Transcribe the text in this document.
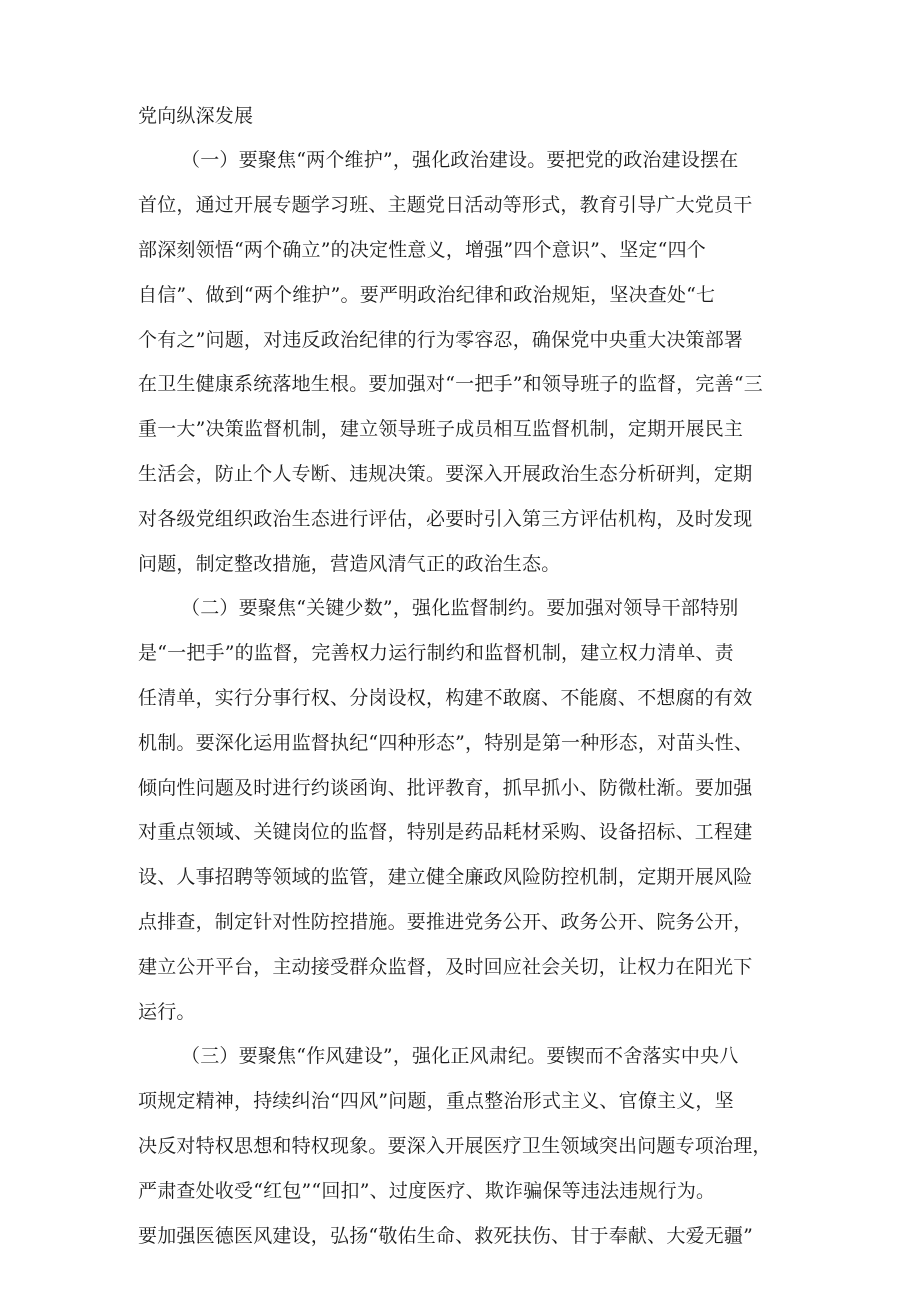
党向纵深发展
（一）要聚焦“两个维护”，强化政治建设。要把党的政治建设摆在
首位，通过开展专题学习班、主题党日活动等形式，教育引导广大党员干
部深刻领悟“两个确立”的决定性意义，增强”四个意识”、坚定“四个
自信”、做到“两个维护”。要严明政治纪律和政治规矩，坚决查处“七
个有之”问题，对违反政治纪律的行为零容忍，确保党中央重大决策部署
在卫生健康系统落地生根。要加强对“一把手”和领导班子的监督，完善“三
重一大”决策监督机制，建立领导班子成员相互监督机制，定期开展民主
生活会，防止个人专断、违规决策。要深入开展政治生态分析研判，定期
对各级党组织政治生态进行评估，必要时引入第三方评估机构，及时发现
问题，制定整改措施，营造风清气正的政治生态。
（二）要聚焦“关键少数”，强化监督制约。要加强对领导干部特别
是“一把手”的监督，完善权力运行制约和监督机制，建立权力清单、责
任清单，实行分事行权、分岗设权，构建不敢腐、不能腐、不想腐的有效
机制。要深化运用监督执纪“四种形态”，特别是第一种形态，对苗头性、
倾向性问题及时进行约谈函询、批评教育，抓早抓小、防微杜渐。要加强
对重点领域、关键岗位的监督，特别是药品耗材采购、设备招标、工程建
设、人事招聘等领域的监管，建立健全廉政风险防控机制，定期开展风险
点排查，制定针对性防控措施。要推进党务公开、政务公开、院务公开，
建立公开平台，主动接受群众监督，及时回应社会关切，让权力在阳光下
运行。
（三）要聚焦“作风建设”，强化正风肃纪。要锲而不舍落实中央八
项规定精神，持续纠治“四风”问题，重点整治形式主义、官僚主义，坚
决反对特权思想和特权现象。要深入开展医疗卫生领域突出问题专项治理，
严肃查处收受“红包”“回扣”、过度医疗、欺诈骗保等违法违规行为。
要加强医德医风建设，弘扬“敬佑生命、救死扶伤、甘于奉献、大爱无疆”
